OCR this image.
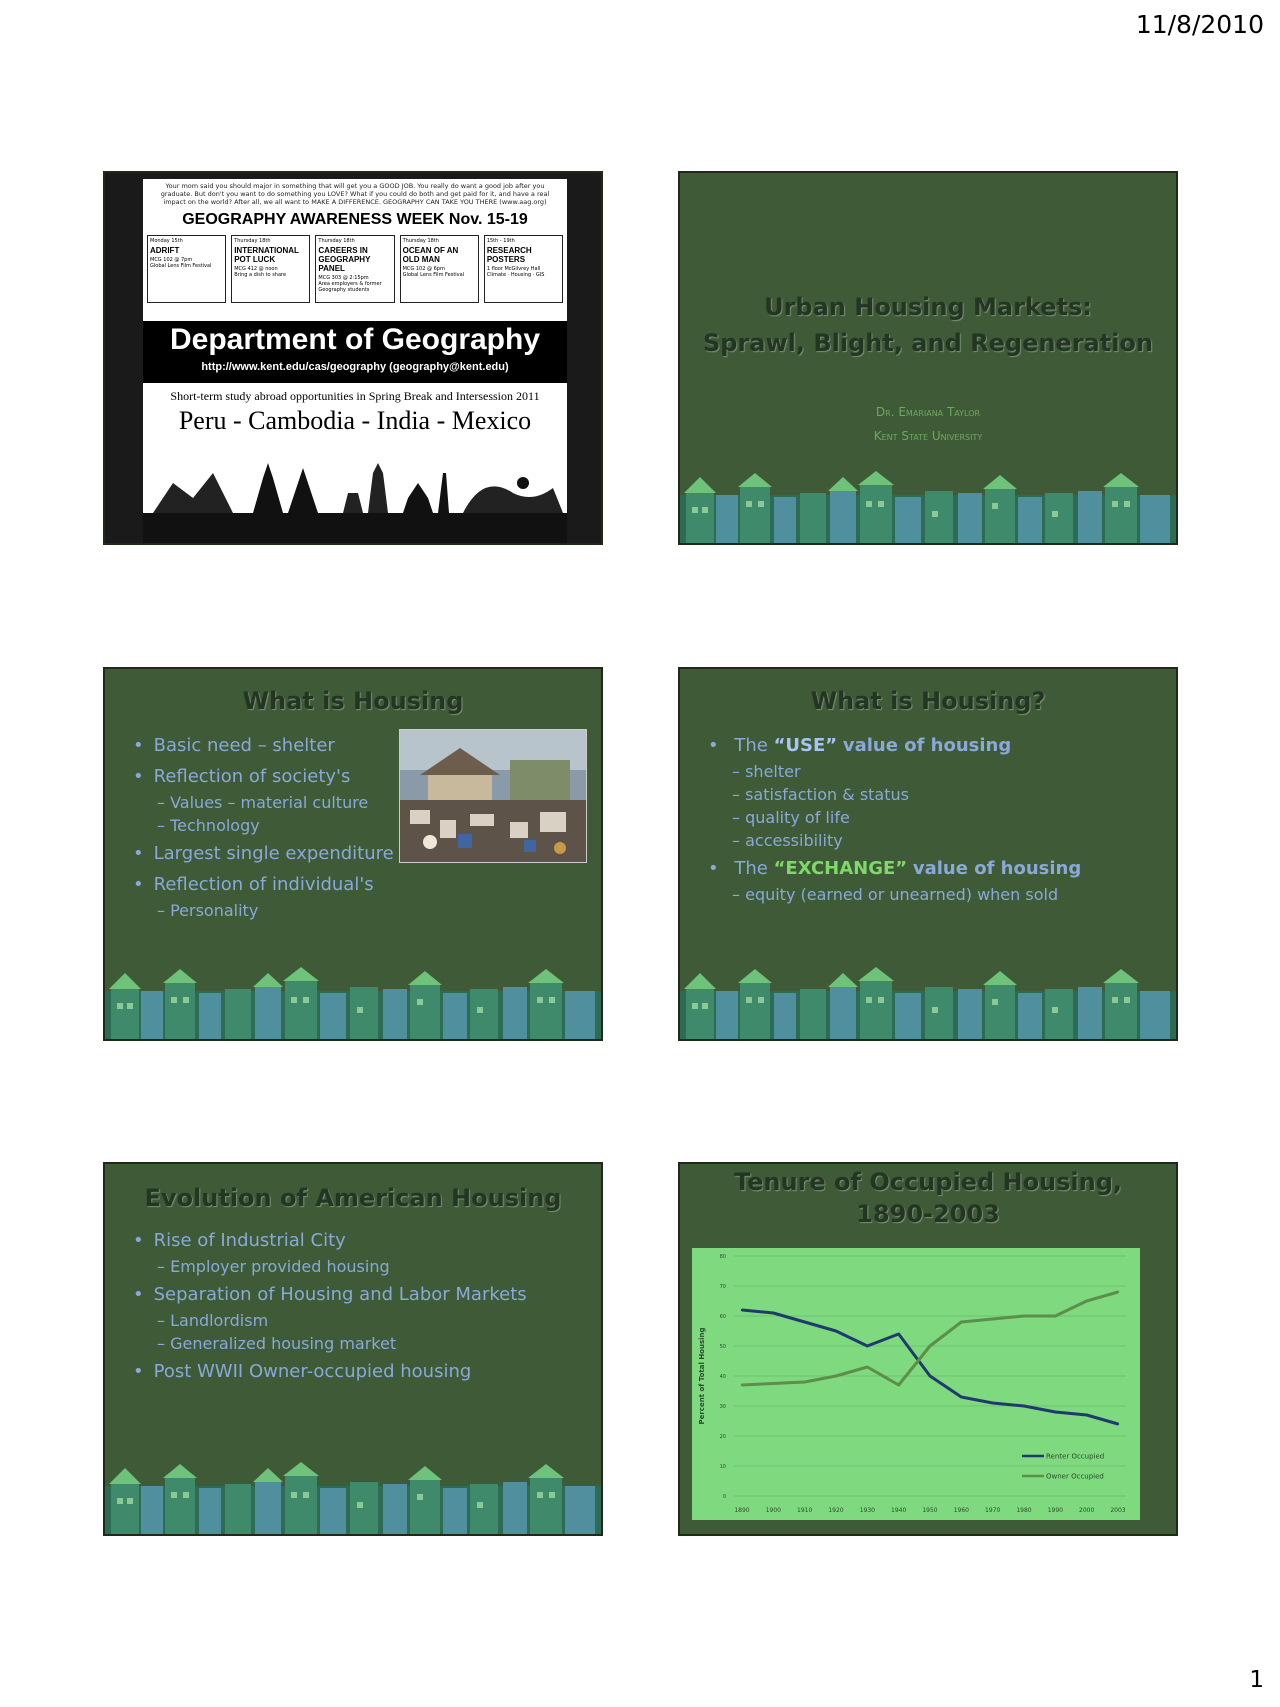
11/8/2010
Your mom said you should major in something that will get you a GOOD JOB. You really do want a good job after you graduate. But don't you want to do something you LOVE? What if you could do both and get paid for it, and have a real impact on the world? After all, we all want to MAKE A DIFFERENCE. GEOGRAPHY CAN TAKE YOU THERE (www.aag.org)
GEOGRAPHY AWARENESS WEEK Nov. 15-19
Monday 15th
ADRIFT
MCG 102 @ 7pm
Global Lens Film Festival
Thursday 18th
INTERNATIONAL POT LUCK
MCG 412 @ noon
Bring a dish to share
Thursday 18th
CAREERS IN GEOGRAPHY PANEL
MCG 303 @ 2:15pm
Area employers & former Geography students
Thursday 18th
OCEAN OF AN OLD MAN
MCG 102 @ 6pm
Global Lens Film Festival
15th - 19th
RESEARCH POSTERS
1 floor McGilvrey Hall
Climate · Housing · GIS
Department of Geography
http://www.kent.edu/cas/geography (geography@kent.edu)
Short-term study abroad opportunities in Spring Break and Intersession 2011
Peru - Cambodia - India - Mexico
Urban Housing Markets:
Sprawl, Blight, and Regeneration
Dr. Emariana Taylor
Kent State University
What is Housing
• Basic need – shelter
• Reflection of society's
– Values – material culture
– Technology
• Largest single expenditure
• Reflection of individual's
– Personality
What is Housing?
• The “USE” value of housing
– shelter
– satisfaction & status
– quality of life
– accessibility
• The “EXCHANGE” value of housing
– equity (earned or unearned) when sold
Evolution of American Housing
• Rise of Industrial City
– Employer provided housing
• Separation of Housing and Labor Markets
– Landlordism
– Generalized housing market
• Post WWII Owner-occupied housing
Tenure of Occupied Housing,
1890-2003
0
10
20
30
40
50
60
70
80
1890	1900	1910	1920	1930	1940	1950	1960	1970	1980	1990	2000	2003
Percent of Total Housing
Renter Occupied
Owner Occupied
1
